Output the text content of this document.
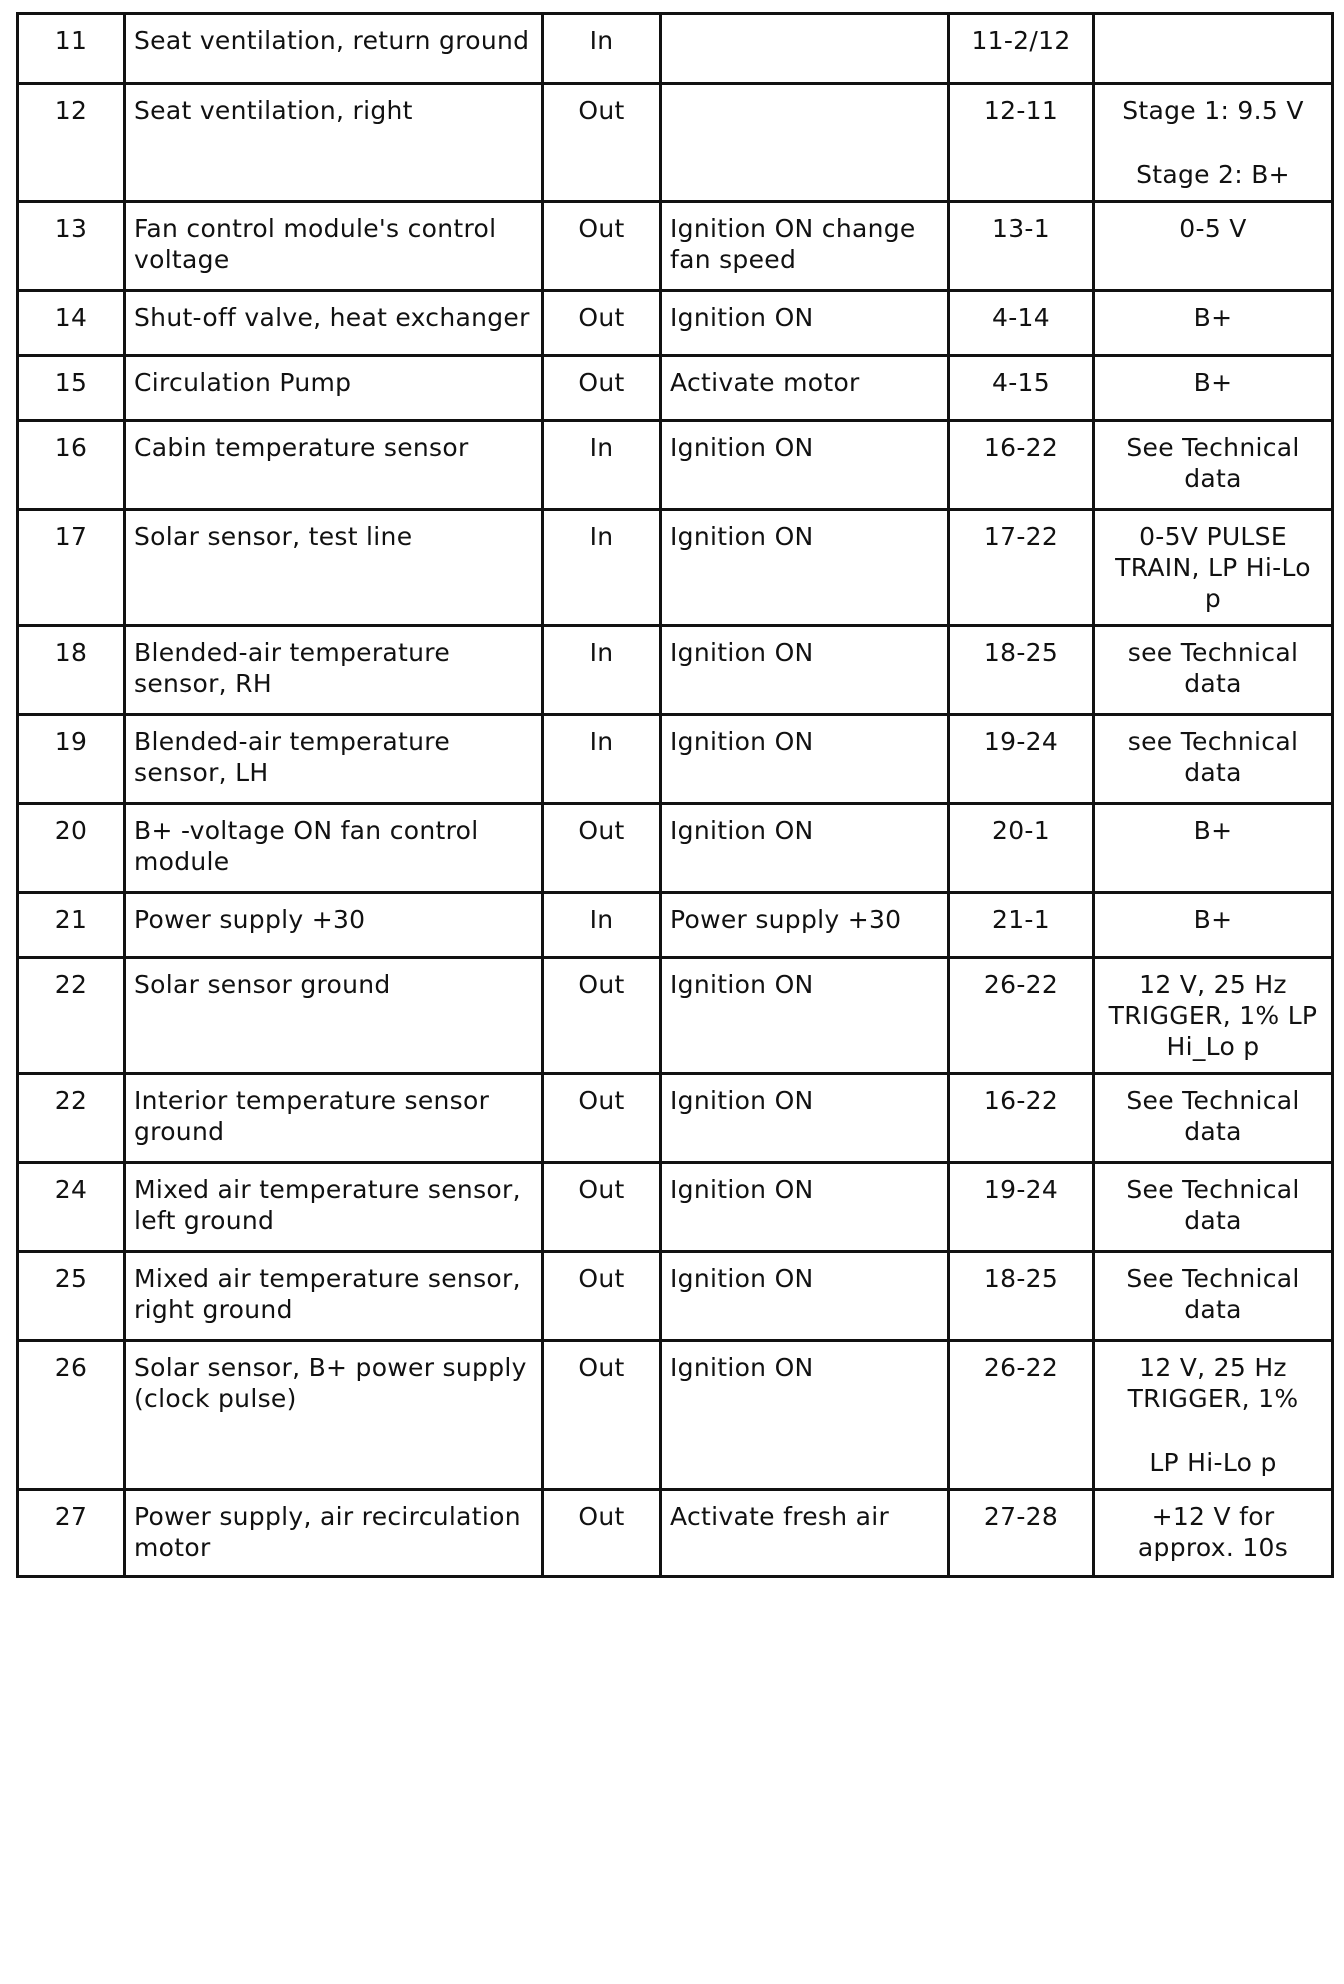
11	Seat ventilation, return ground	In		11-2/12	
12	Seat ventilation, right	Out		12-11	Stage 1: 9.5 V
Stage 2: B+

13	Fan control module's control voltage	Out	Ignition ON change fan speed	13-1	0-5 V

14	Shut-off valve, heat exchanger	Out	Ignition ON	4-14	B+

15	Circulation Pump	Out	Activate motor	4-15	B+

16	Cabin temperature sensor	In	Ignition ON	16-22	See Technical data

17	Solar sensor, test line	In	Ignition ON	17-22	0-5V PULSE TRAIN, LP Hi-Lo p

18	Blended-air temperature sensor, RH	In	Ignition ON	18-25	see Technical data

19	Blended-air temperature sensor, LH	In	Ignition ON	19-24	see Technical data

20	B+ -voltage ON fan control module	Out	Ignition ON	20-1	B+

21	Power supply +30	In	Power supply +30	21-1	B+

22	Solar sensor ground	Out	Ignition ON	26-22	12 V, 25 Hz TRIGGER, 1% LP Hi_Lo p

22	Interior temperature sensor ground	Out	Ignition ON	16-22	See Technical data

24	Mixed air temperature sensor, left ground	Out	Ignition ON	19-24	See Technical data

25	Mixed air temperature sensor, right ground	Out	Ignition ON	18-25	See Technical data

26	Solar sensor, B+ power supply (clock pulse)	Out	Ignition ON	26-22	12 V, 25 Hz TRIGGER, 1%
LP Hi-Lo p

27	Power supply, air recirculation motor	Out	Activate fresh air	27-28	+12 V for approx. 10s
